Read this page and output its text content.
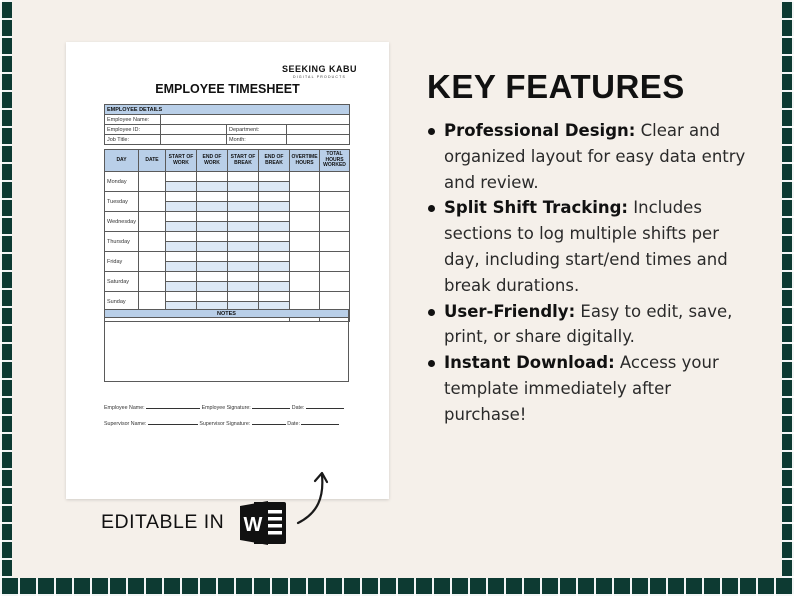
SEEKING KABU
DIGITAL PRODUCTS
EMPLOYEE TIMESHEET
EMPLOYEE DETAILS			
Employee Name:			
Employee ID:		Department:	
Job Title:		Month:	
DAY	DATE	START OF WORK	END OF WORK	START OF BREAK	END OF BREAK	OVERTIME HOURS	TOTAL HOURS WORKED
Monday							

Tuesday							

Wednesday							

Thursday							

Friday							

Saturday							

Sunday							

NOTES
Employee Name:	Employee Signature:	Date:
Supervisor Name:	Supervisor Signature:	Date:
KEY FEATURES
Professional Design: Clear and organized layout for easy data entry and review.
Split Shift Tracking: Includes sections to log multiple shifts per day, including start/end times and break durations.
User-Friendly: Easy to edit, save, print, or share digitally.
Instant Download: Access your template immediately after purchase!
EDITABLE IN W
